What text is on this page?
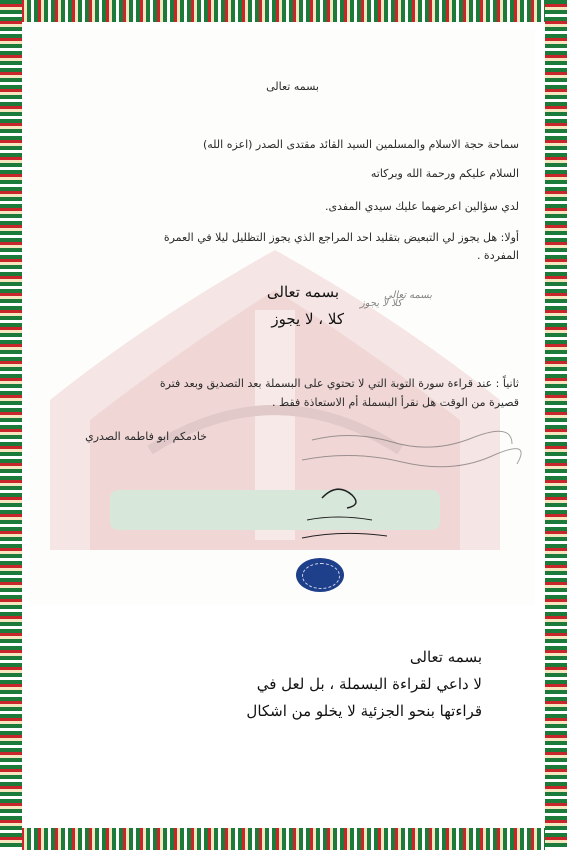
بسمه تعالى
سماحة حجة الاسلام والمسلمين السيد القائد مقتدى الصدر (اعزه الله)
السلام عليكم ورحمة الله وبركاته
لدي سؤالين اعرضهما عليك سيدي المفدى.
أولا: هل يجوز لي التبعيض بتقليد احد المراجع الذي يجوز التظليل ليلا في العمرة
المفردة .
بسمه تعالى
كلا ، لا يجوز
بسمه تعالى
كلا لا يجوز
ثانياً : عند قراءة سورة التوبة التي لا تحتوي على البسملة بعد التصديق وبعد فترة
قصيرة من الوقت هل نقرأ البسملة أم الاستعاذة فقط .
خادمكم ابو فاطمه الصدري
بسمه تعالى
لا داعي لقراءة البسملة ، بل لعل في
قراءتها بنحو الجزئية لا يخلو من اشكال
